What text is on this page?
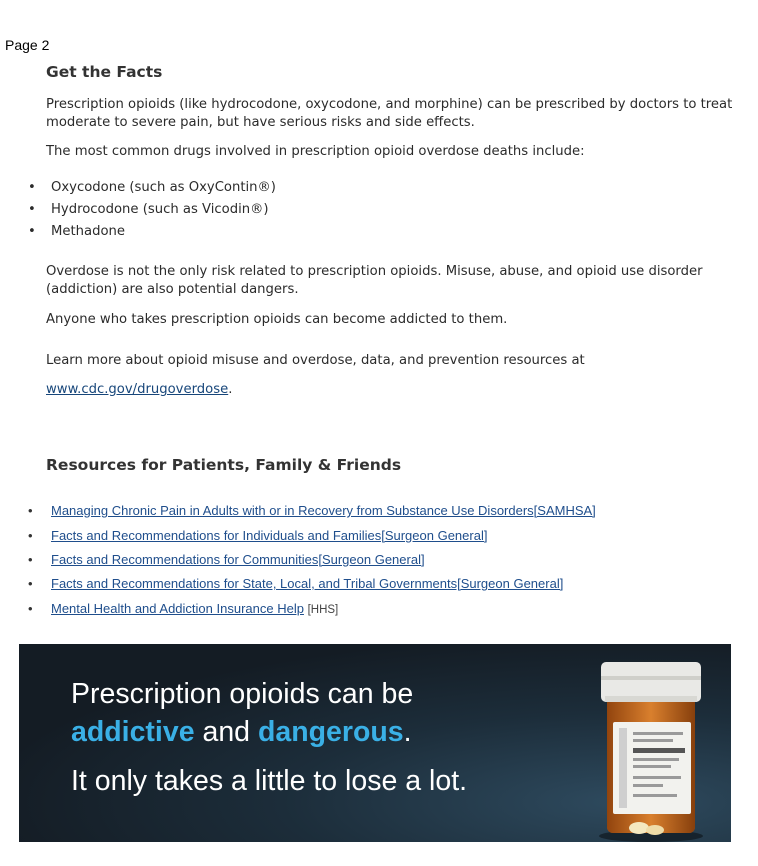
Page 2
Get the Facts
Prescription opioids (like hydrocodone, oxycodone, and morphine) can be prescribed by doctors to treat moderate to severe pain, but have serious risks and side effects.
The most common drugs involved in prescription opioid overdose deaths include:
•	Oxycodone (such as OxyContin®)
•	Hydrocodone (such as Vicodin®)
•	Methadone
Overdose is not the only risk related to prescription opioids. Misuse, abuse, and opioid use disorder (addiction) are also potential dangers.
Anyone who takes prescription opioids can become addicted to them.
Learn more about opioid misuse and overdose, data, and prevention resources at
www.cdc.gov/drugoverdose.
Resources for Patients, Family & Friends
• Managing Chronic Pain in Adults with or in Recovery from Substance Use Disorders[SAMHSA]
• Facts and Recommendations for Individuals and Families[Surgeon General]
• Facts and Recommendations for Communities[Surgeon General]
• Facts and Recommendations for State, Local, and Tribal Governments[Surgeon General]
• Mental Health and Addiction Insurance Help [HHS]
Prescription opioids can be
addictive and dangerous.
It only takes a little to lose a lot.
